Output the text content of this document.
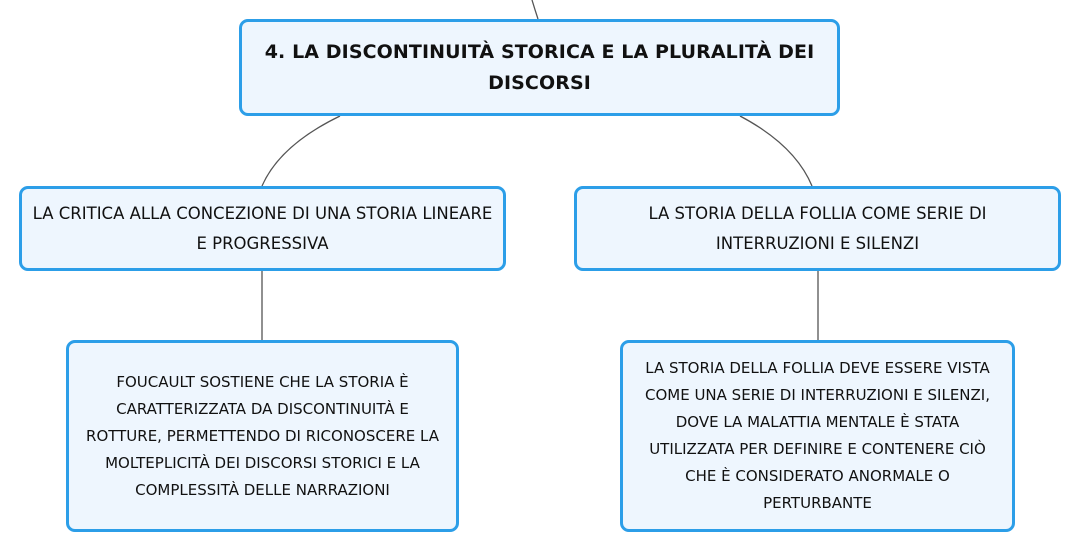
4. LA DISCONTINUITÀ STORICA E LA PLURALITÀ DEI DISCORSI
LA CRITICA ALLA CONCEZIONE DI UNA STORIA LINEARE E PROGRESSIVA
LA STORIA DELLA FOLLIA COME SERIE DI INTERRUZIONI E SILENZI
FOUCAULT SOSTIENE CHE LA STORIA È CARATTERIZZATA DA DISCONTINUITÀ E ROTTURE, PERMETTENDO DI RICONOSCERE LA MOLTEPLICITÀ DEI DISCORSI STORICI E LA COMPLESSITÀ DELLE NARRAZIONI
LA STORIA DELLA FOLLIA DEVE ESSERE VISTA COME UNA SERIE DI INTERRUZIONI E SILENZI, DOVE LA MALATTIA MENTALE È STATA UTILIZZATA PER DEFINIRE E CONTENERE CIÒ CHE È CONSIDERATO ANORMALE O PERTURBANTE
